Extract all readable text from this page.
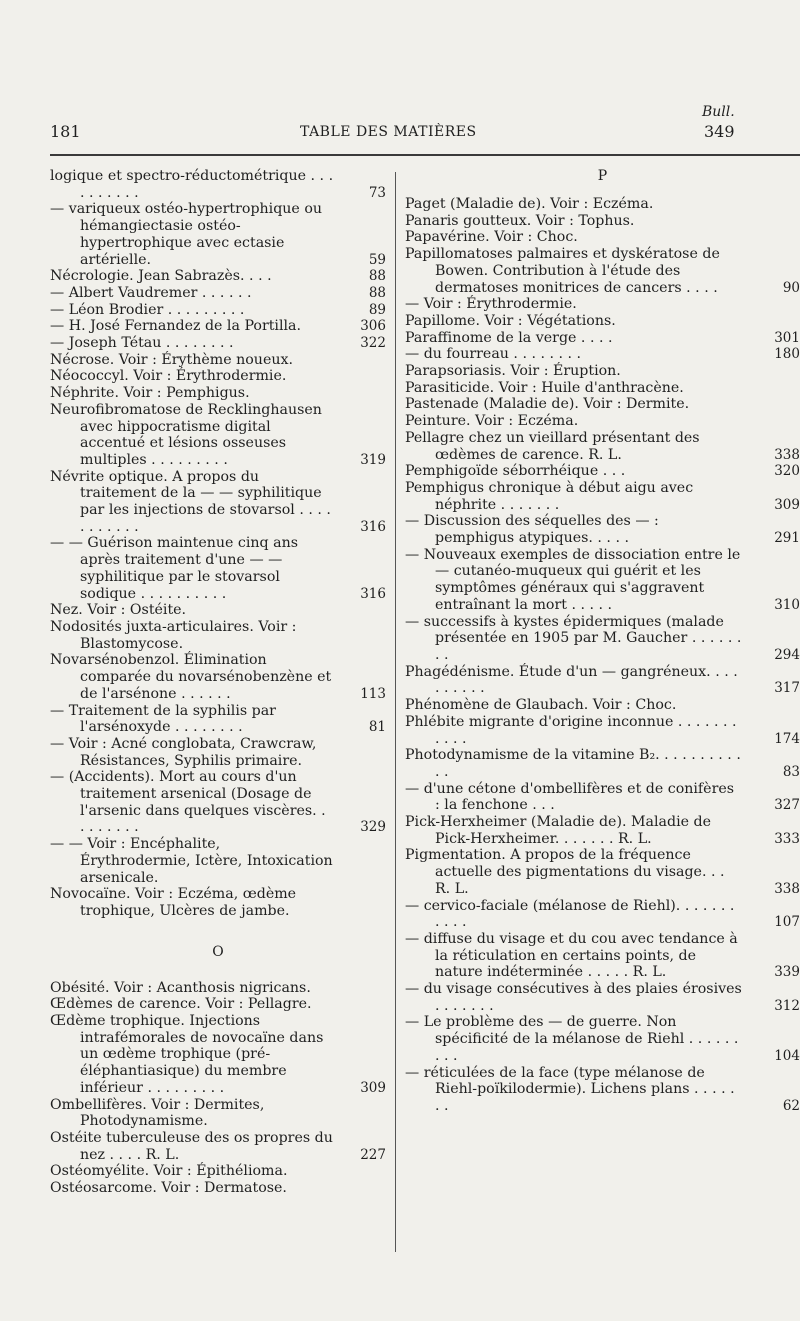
Bull.
181	TABLE DES MATIÈRES	349
logique et spectro-réductométrique . . . . . . . . . .	73
— variqueux ostéo-hypertrophique ou hémangiectasie ostéo-hypertrophique avec ectasie artérielle.	59
Nécrologie. Jean Sabrazès. . . .	88
— Albert Vaudremer . . . . . .	88
— Léon Brodier . . . . . . . . .	89
— H. José Fernandez de la Portilla.	306
— Joseph Tétau . . . . . . . .	322
Nécrose. Voir : Érythème noueux.
Néococcyl. Voir : Érythrodermie.
Néphrite. Voir : Pemphigus.
Neurofibromatose de Recklinghausen avec hippocratisme digital accentué et lésions osseuses multiples . . . . . . . . .	319
Névrite optique. A propos du traitement de la — — syphilitique par les injections de stovarsol . . . . . . . . . . .	316
— — Guérison maintenue cinq ans après traitement d'une — — syphilitique par le stovarsol sodique . . . . . . . . . .	316
Nez. Voir : Ostéite.
Nodosités juxta-articulaires. Voir : Blastomycose.
Novarsénobenzol. Élimination comparée du novarsénobenzène et de l'arsénone . . . . . .	113
— Traitement de la syphilis par l'arsénoxyde . . . . . . . .	81
— Voir : Acné conglobata, Crawcraw, Résistances, Syphilis primaire.
— (Accidents). Mort au cours d'un traitement arsenical (Dosage de l'arsenic dans quelques viscères. . . . . . . . .	329
— — Voir : Encéphalite, Érythrodermie, Ictère, Intoxication arsenicale.
Novocaïne. Voir : Eczéma, œdème trophique, Ulcères de jambe.
O
Obésité. Voir : Acanthosis nigricans.
Œdèmes de carence. Voir : Pellagre.
Œdème trophique. Injections intrafémorales de novocaïne dans un œdème trophique (pré-éléphantiasique) du membre inférieur . . . . . . . . .	309
Ombellifères. Voir : Dermites, Photodynamisme.
Ostéite tuberculeuse des os propres du nez . . . . R. L.	227
Ostéomyélite. Voir : Épithélioma.
Ostéosarcome. Voir : Dermatose.
P
Paget (Maladie de). Voir : Eczéma.
Panaris goutteux. Voir : Tophus.
Papavérine. Voir : Choc.
Papillomatoses palmaires et dyskératose de Bowen. Contribution à l'étude des dermatoses monitrices de cancers . . . .	90
— Voir : Érythrodermie.
Papillome. Voir : Végétations.
Paraffinome de la verge . . . .	301
— du fourreau . . . . . . . .	180
Parapsoriasis. Voir : Éruption.
Parasiticide. Voir : Huile d'anthracène.
Pastenade (Maladie de). Voir : Dermite.
Peinture. Voir : Eczéma.
Pellagre chez un vieillard présentant des œdèmes de carence. R. L.	338
Pemphigoïde séborrhéique . . .	320
Pemphigus chronique à début aigu avec néphrite . . . . . . .	309
— Discussion des séquelles des — : pemphigus atypiques. . . . .	291
— Nouveaux exemples de dissociation entre le — cutanéo-muqueux qui guérit et les symptômes généraux qui s'aggravent entraînant la mort . . . . .	310
— successifs à kystes épidermiques (malade présentée en 1905 par M. Gaucher . . . . . . . .	294
Phagédénisme. Étude d'un — gangréneux. . . . . . . . . .	317
Phénomène de Glaubach. Voir : Choc.
Phlébite migrante d'origine inconnue . . . . . . . . . . .	174
Photodynamisme de la vitamine B₂. . . . . . . . . . . .	83
— d'une cétone d'ombellifères et de conifères : la fenchone . . .	327
Pick-Herxheimer (Maladie de). Maladie de Pick-Herxheimer. . . . . . . R. L.	333
Pigmentation. A propos de la fréquence actuelle des pigmentations du visage. . . R. L.	338
— cervico-faciale (mélanose de Riehl). . . . . . . . . . .	107
— diffuse du visage et du cou avec tendance à la réticulation en certains points, de nature indéterminée . . . . . R. L.	339
— du visage consécutives à des plaies érosives . . . . . . .	312
— Le problème des — de guerre. Non spécificité de la mélanose de Riehl . . . . . . . . .	104
— réticulées de la face (type mélanose de Riehl-poïkilodermie). Lichens plans . . . . . . .	62
